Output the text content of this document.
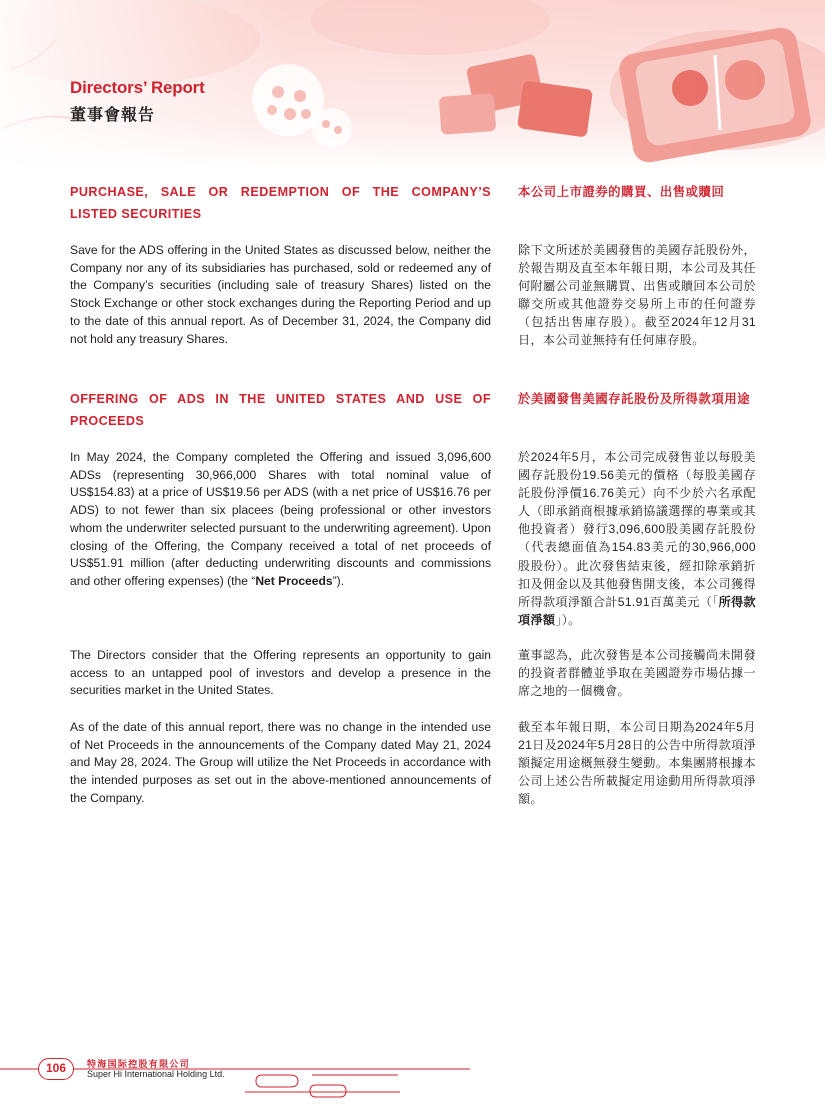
Directors’ Report
董事會報告
PURCHASE, SALE OR REDEMPTION OF THE COMPANY’S LISTED SECURITIES
本公司上市證券的購買、出售或贖回

Save for the ADS offering in the United States as discussed below, neither the Company nor any of its subsidiaries has purchased, sold or redeemed any of the Company’s securities (including sale of treasury Shares) listed on the Stock Exchange or other stock exchanges during the Reporting Period and up to the date of this annual report. As of December 31, 2024, the Company did not hold any treasury Shares.

除下文所述於美國發售的美國存託股份外，於報告期及直至本年報日期，本公司及其任何附屬公司並無購買、出售或贖回本公司於聯交所或其他證券交易所上市的任何證券（包括出售庫存股）。截至2024年12月31日，本公司並無持有任何庫存股。

OFFERING OF ADS IN THE UNITED STATES AND USE OF PROCEEDS
於美國發售美國存託股份及所得款項用途

In May 2024, the Company completed the Offering and issued 3,096,600 ADSs (representing 30,966,000 Shares with total nominal value of US$154.83) at a price of US$19.56 per ADS (with a net price of US$16.76 per ADS) to not fewer than six placees (being professional or other investors whom the underwriter selected pursuant to the underwriting agreement). Upon closing of the Offering, the Company received a total of net proceeds of US$51.91 million (after deducting underwriting discounts and commissions and other offering expenses) (the “Net Proceeds”).

於2024年5月，本公司完成發售並以每股美國存託股份19.56美元的價格（每股美國存託股份淨價16.76美元）向不少於六名承配人（即承銷商根據承銷協議選擇的專業或其他投資者）發行3,096,600股美國存託股份（代表總面值為154.83美元的30,966,000股股份）。此次發售結束後，經扣除承銷折扣及佣金以及其他發售開支後，本公司獲得所得款項淨額合計51.91百萬美元（「所得款項淨額」）。

The Directors consider that the Offering represents an opportunity to gain access to an untapped pool of investors and develop a presence in the securities market in the United States.

董事認為，此次發售是本公司接觸尚未開發的投資者群體並爭取在美國證券市場佔據一席之地的一個機會。

As of the date of this annual report, there was no change in the intended use of Net Proceeds in the announcements of the Company dated May 21, 2024 and May 28, 2024. The Group will utilize the Net Proceeds in accordance with the intended purposes as set out in the above-mentioned announcements of the Company.

截至本年報日期，本公司日期為2024年5月21日及2024年5月28日的公告中所得款項淨額擬定用途概無發生變動。本集團將根據本公司上述公告所載擬定用途動用所得款項淨額。

106	特海国际控股有限公司
Super Hi International Holding Ltd.
